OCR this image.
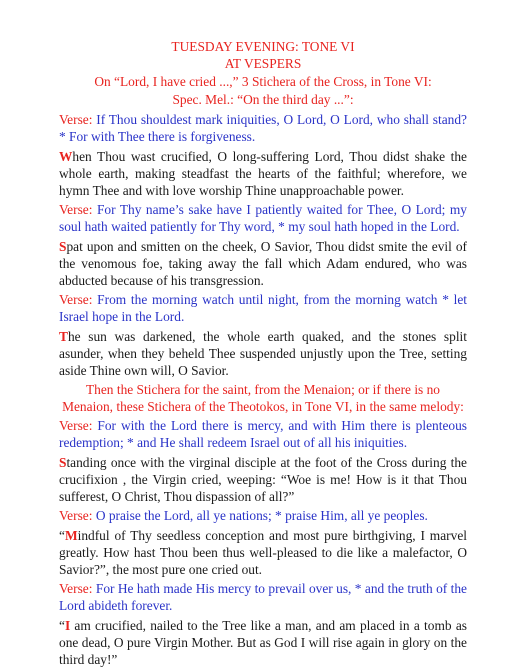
TUESDAY EVENING: TONE VI

AT VESPERS

On “Lord, I have cried ...,” 3 Stichera of the Cross, in Tone VI:

Spec. Mel.: “On the third day ...”:

Verse: If Thou shouldest mark iniquities, O Lord, O Lord, who shall stand? * For with Thee there is forgiveness.

When Thou wast crucified, O long-suffering Lord, Thou didst shake the whole earth, making steadfast the hearts of the faithful; wherefore, we hymn Thee and with love worship Thine unapproachable power.

Verse: For Thy name’s sake have I patiently waited for Thee, O Lord; my soul hath waited patiently for Thy word, * my soul hath hoped in the Lord.

Spat upon and smitten on the cheek, O Savior, Thou didst smite the evil of the venomous foe, taking away the fall which Adam endured, who was abducted because of his transgression.

Verse: From the morning watch until night, from the morning watch * let Israel hope in the Lord.

The sun was darkened, the whole earth quaked, and the stones split asunder, when they beheld Thee suspended unjustly upon the Tree, setting aside Thine own will, O Savior.

Then the Stichera for the saint, from the Menaion; or if there is no Menaion, these Stichera of the Theotokos, in Tone VI, in the same melody:

Verse: For with the Lord there is mercy, and with Him there is plenteous redemption; * and He shall redeem Israel out of all his iniquities.

Standing once with the virginal disciple at the foot of the Cross during the crucifixion , the Virgin cried, weeping: “Woe is me! How is it that Thou sufferest, O Christ, Thou dispassion of all?”

Verse: O praise the Lord, all ye nations; * praise Him, all ye peoples.

“Mindful of Thy seedless conception and most pure birthgiving, I marvel greatly. How hast Thou been thus well-pleased to die like a malefactor, O Savior?”, the most pure one cried out.

Verse: For He hath made His mercy to prevail over us, * and the truth of the Lord abideth forever.

“I am crucified, nailed to the Tree like a man, and am placed in a tomb as one dead, O pure Virgin Mother. But as God I will rise again in glory on the third day!”
